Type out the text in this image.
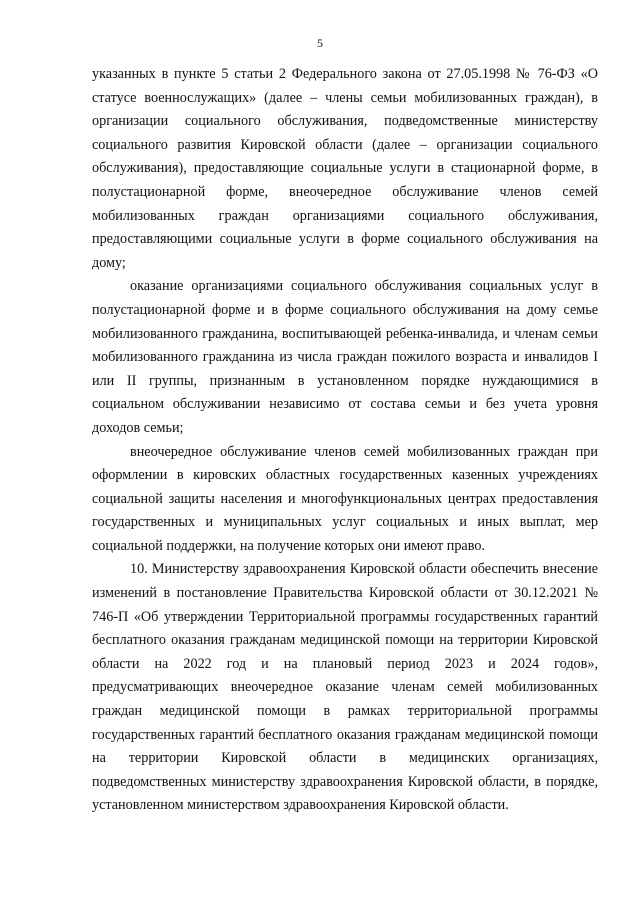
5

указанных в пункте 5 статьи 2 Федерального закона от 27.05.1998 № 76-ФЗ «О статусе военнослужащих» (далее – члены семьи мобилизованных граждан), в организации социального обслуживания, подведомственные министерству социального развития Кировской области (далее – организации социального обслуживания), предоставляющие социальные услуги в стационарной форме, в полустационарной форме, внеочередное обслуживание членов семей мобилизованных граждан организациями социального обслуживания, предоставляющими социальные услуги в форме социального обслуживания на дому;

оказание организациями социального обслуживания социальных услуг в полустационарной форме и в форме социального обслуживания на дому семье мобилизованного гражданина, воспитывающей ребенка-инвалида, и членам семьи мобилизованного гражданина из числа граждан пожилого возраста и инвалидов I или II группы, признанным в установленном порядке нуждающимися в социальном обслуживании независимо от состава семьи и без учета уровня доходов семьи;

внеочередное обслуживание членов семей мобилизованных граждан при оформлении в кировских областных государственных казенных учреждениях социальной защиты населения и многофункциональных центрах предоставления государственных и муниципальных услуг социальных и иных выплат, мер социальной поддержки, на получение которых они имеют право.

10. Министерству здравоохранения Кировской области обеспечить внесение изменений в постановление Правительства Кировской области от 30.12.2021 № 746-П «Об утверждении Территориальной программы государственных гарантий бесплатного оказания гражданам медицинской помощи на территории Кировской области на 2022 год и на плановый период 2023 и 2024 годов», предусматривающих внеочередное оказание членам семей мобилизованных граждан медицинской помощи в рамках территориальной программы государственных гарантий бесплатного оказания гражданам медицинской помощи на территории Кировской области в медицинских организациях, подведомственных министерству здравоохранения Кировской области, в порядке, установленном министерством здравоохранения Кировской области.
